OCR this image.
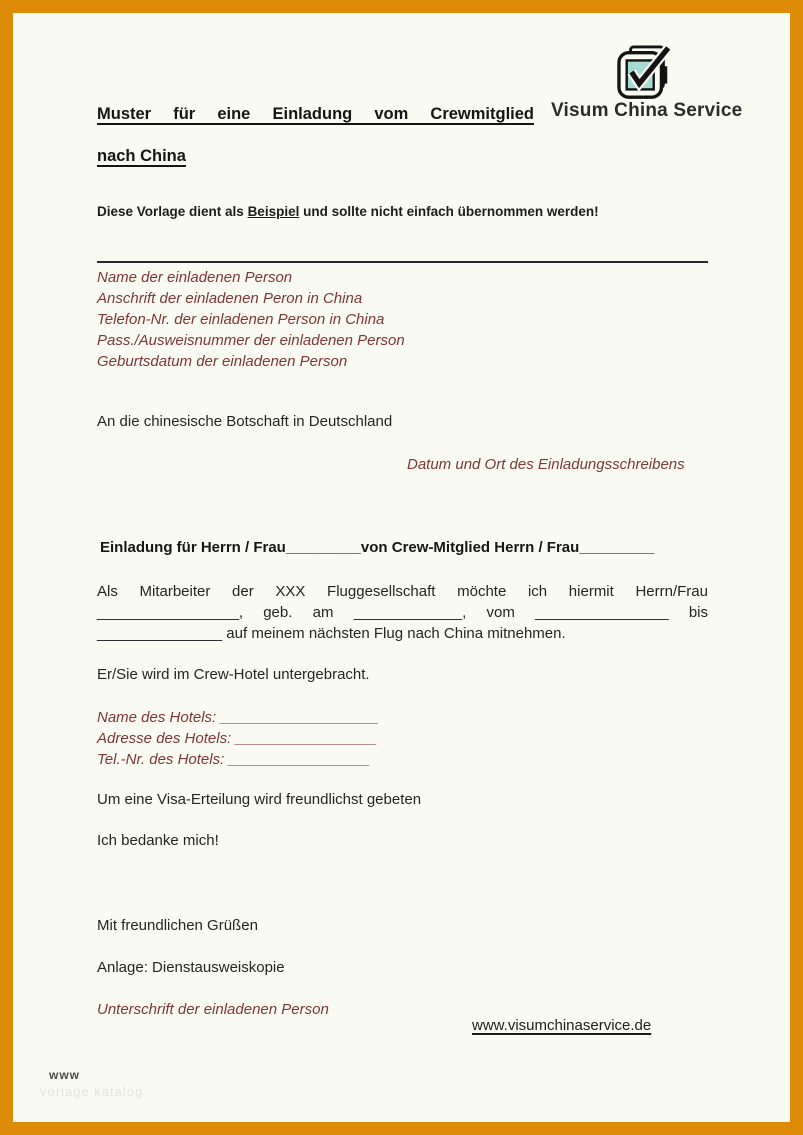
Visum China Service
Muster für eine Einladung vom Crewmitglied
nach China
Diese Vorlage dient als Beispiel und sollte nicht einfach übernommen werden!
Name der einladenen Person
Anschrift der einladenen Peron in China
Telefon-Nr. der einladenen Person in China
Pass./Ausweisnummer der einladenen Person
Geburtsdatum der einladenen Person
An die chinesische Botschaft in Deutschland
Datum und Ort des Einladungsschreibens
Einladung für Herrn / Frau_________von Crew-Mitglied Herrn / Frau_________
Als Mitarbeiter der XXX Fluggesellschaft möchte ich hiermit Herrn/Frau
_________________, geb. am _____________, vom ________________ bis
_______________ auf meinem nächsten Flug nach China mitnehmen.
Er/Sie wird im Crew-Hotel untergebracht.
Name des Hotels: ___________________
Adresse des Hotels: _________________
Tel.-Nr. des Hotels: _________________
Um eine Visa-Erteilung wird freundlichst gebeten
Ich bedanke mich!
Mit freundlichen Grüßen
Anlage: Dienstausweiskopie
Unterschrift der einladenen Person
www.visumchinaservice.de
www
vorlage katalog
